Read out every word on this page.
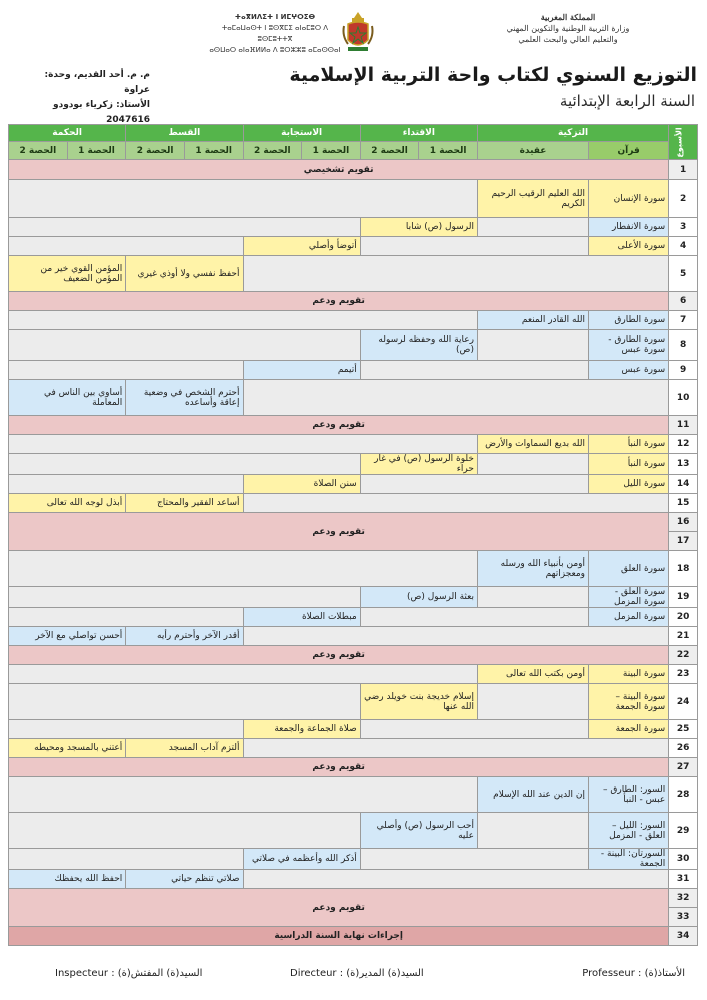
المملكة المغربية
وزارة التربية الوطنية والتكوين المهني
والتعليم العالي والبحث العلمي
ⵜⴰⴳⵍⴷⵉⵜ ⵏ ⵍⵎⵖⵔⵉⴱ
ⵜⴰⵎⴰⵡⴰⵙⵜ ⵏ ⵓⵙⴳⵎⵉ ⴰⵏⴰⵎⵓⵔ ⴷ ⵓⵙⵎⵓⵜⵜⴳ
ⴰⵙⵡⴰⵔ ⴰⵏⴰⴼⵍⵍⴰ ⴷ ⵓⵔⵣⵣⵓ ⴰⵎⴰⵙⵙⴰⵏ
التوزيع السنوي لكتاب واحة التربية الإسلامية
السنة الرابعة الإبتدائية
م. م. أحد القديم، وحدة: عراوة
الأستاذ: زكرياء بودودو
2047616
الأسبوع	التزكية		الاقتداء		الاستجابة		القسط		الحكمة	
	قرآن	عقيدة	الحصة 1	الحصة 2	الحصة 1	الحصة 2	الحصة 1	الحصة 2	الحصة 1	الحصة 2
1	تقويم تشخيصي									
2	سورة الإنسان	الله العليم الرقيب الرحيم الكريم								
3	سورة الانفطار		الرسول (ص) شابا							
4	سورة الأعلى				أتوضأ وأصلي					
5							أحفظ نفسي ولا أوذي غيري		المؤمن القوي خير من المؤمن الضعيف	
6	تقويم ودعم									
7	سورة الطارق	الله القادر المنعم								
8	سورة الطارق - سورة عبس		رعاية الله وحفظه لرسوله (ص)							
9	سورة عبس				أتيمم					
10							أحترم الشخص في وضعية إعاقة وأساعده		أساوي بين الناس في المعاملة	
11	تقويم ودعم									
12	سورة النبأ	الله بديع السماوات والأرض								
13	سورة النبأ		خلوة الرسول (ص) في غار حراء							
14	سورة الليل				سنن الصلاة					
15							أساعد الفقير والمحتاج		أبذل لوجه الله تعالى	
16	تقويم ودعم									
17										
18	سورة العلق	أومن بأنبياء الله ورسله ومعجزاتهم								
19	سورة العلق - سورة المزمل		بعثة الرسول (ص)							
20	سورة المزمل				مبطلات الصلاة					
21							أقدر الآخر وأحترم رأيه		أحسن تواصلي مع الآخر	
22	تقويم ودعم									
23	سورة البينة	أومن بكتب الله تعالى								
24	سورة البينة – سورة الجمعة		إسلام خديجة بنت خويلد رضي الله عنها							
25	سورة الجمعة				صلاة الجماعة والجمعة					
26							ألتزم آداب المسجد		أعتني بالمسجد ومحيطه	
27	تقويم ودعم									
28	السور: الطارق – عبس - النبأ	إن الدين عند الله الإسلام								
29	السور: الليل – العلق - المزمل		أحب الرسول (ص) وأصلي عليه							
30	السورتان: البينة - الجمعة				أذكر الله وأعظمه في صلاتي					
31							صلاتي تنظم حياتي		احفظ الله يحفظك	
32	تقويم ودعم									
33										
34	إجراءات نهاية السنة الدراسية									
الأستاذ(ة) : Professeur
السيد(ة) المدير(ة) : Directeur
السيد(ة) المفتش(ة) : Inspecteur
